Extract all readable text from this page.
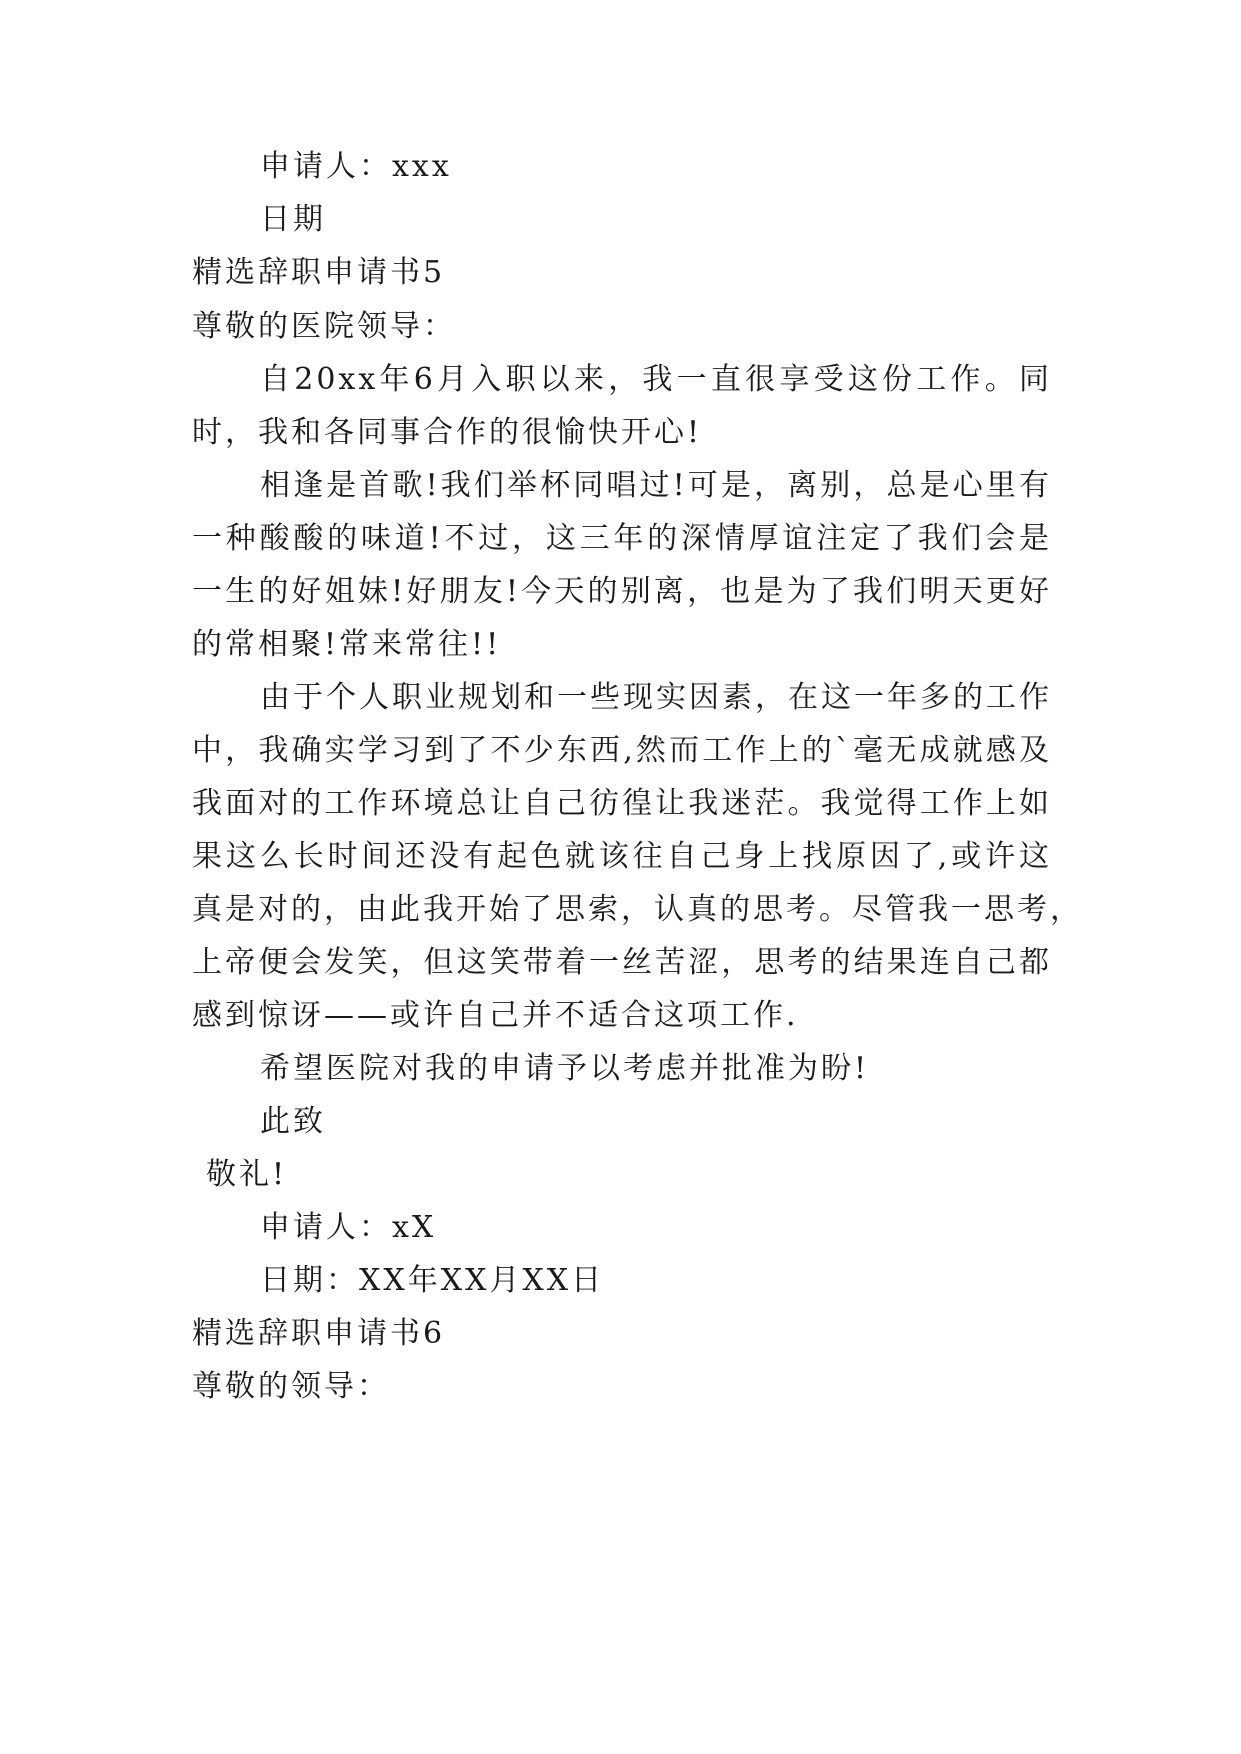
申请人：xxx
日期
精选辞职申请书5
尊敬的医院领导：
自20xx年6月入职以来，我一直很享受这份工作。同
时，我和各同事合作的很愉快开心!
相逢是首歌!我们举杯同唱过!可是，离别，总是心里有
一种酸酸的味道!不过，这三年的深情厚谊注定了我们会是
一生的好姐妹!好朋友!今天的别离，也是为了我们明天更好
的常相聚!常来常往!!
由于个人职业规划和一些现实因素，在这一年多的工作
中，我确实学习到了不少东西,然而工作上的`毫无成就感及
我面对的工作环境总让自己彷徨让我迷茫。我觉得工作上如
果这么长时间还没有起色就该往自己身上找原因了,或许这
真是对的，由此我开始了思索，认真的思考。尽管我一思考，
上帝便会发笑，但这笑带着一丝苦涩，思考的结果连自己都
感到惊讶——或许自己并不适合这项工作.
希望医院对我的申请予以考虑并批准为盼!
此致
敬礼!
申请人：xX
日期：XX年XX月XX日
精选辞职申请书6
尊敬的领导：
